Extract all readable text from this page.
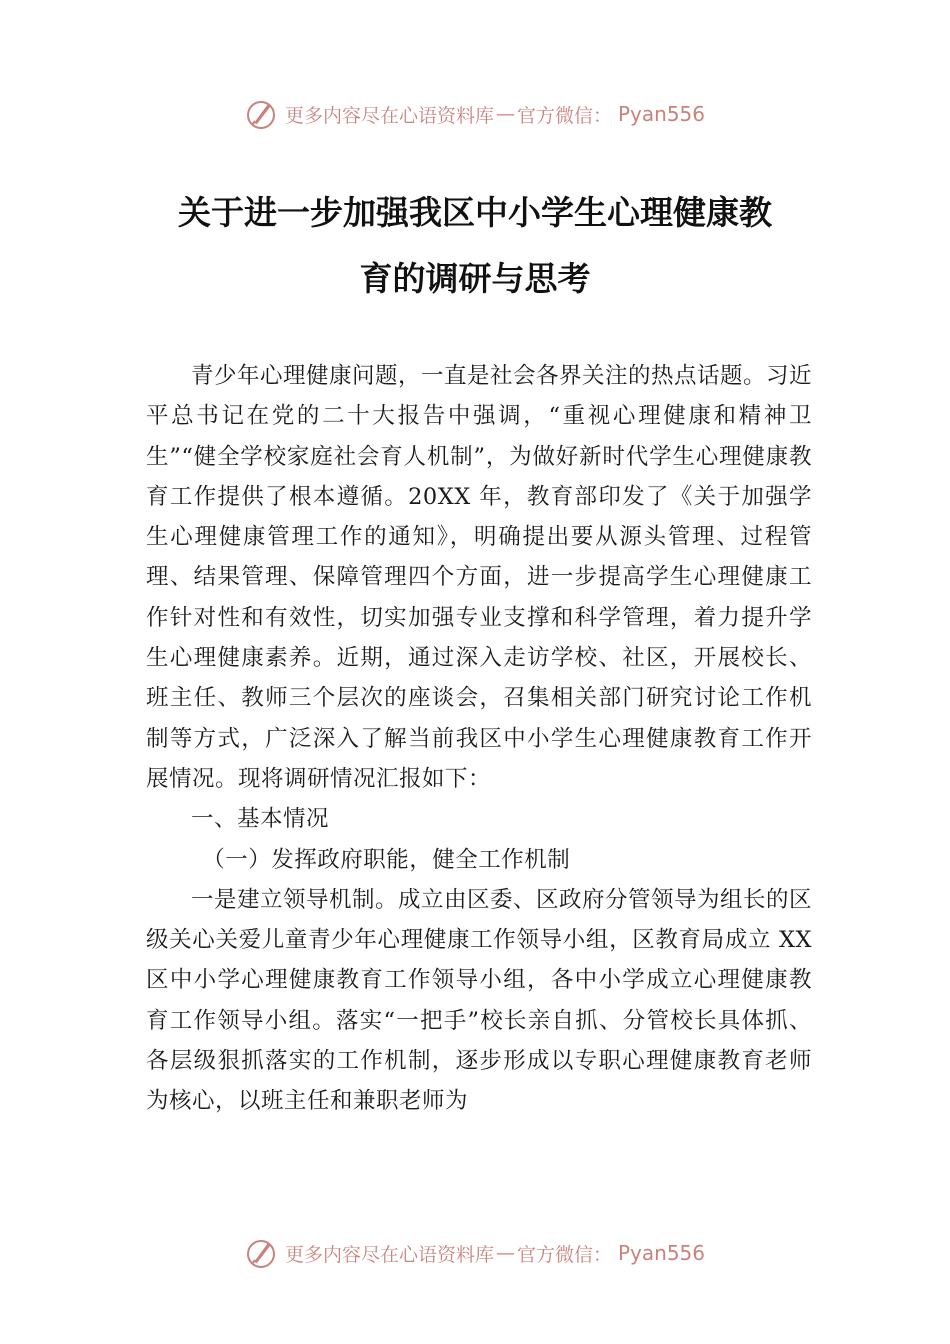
更多内容尽在心语资料库 — 官方微信： Pyan556
关于进一步加强我区中小学生心理健康教
育的调研与思考

青少年心理健康问题，一直是社会各界关注的热点话题。习近平总书记在党的二十大报告中强调，“重视心理健康和精神卫生”“健全学校家庭社会育人机制”，为做好新时代学生心理健康教育工作提供了根本遵循。20XX 年，教育部印发了《关于加强学生心理健康管理工作的通知》，明确提出要从源头管理、过程管理、结果管理、保障管理四个方面，进一步提高学生心理健康工作针对性和有效性，切实加强专业支撑和科学管理，着力提升学生心理健康素养。近期，通过深入走访学校、社区，开展校长、班主任、教师三个层次的座谈会，召集相关部门研究讨论工作机制等方式，广泛深入了解当前我区中小学生心理健康教育工作开展情况。现将调研情况汇报如下：

一、基本情况

（一）发挥政府职能，健全工作机制

一是建立领导机制。成立由区委、区政府分管领导为组长的区级关心关爱儿童青少年心理健康工作领导小组，区教育局成立 XX 区中小学心理健康教育工作领导小组，各中小学成立心理健康教育工作领导小组。落实“一把手”校长亲自抓、分管校长具体抓、各层级狠抓落实的工作机制，逐步形成以专职心理健康教育老师为核心，以班主任和兼职老师为

更多内容尽在心语资料库 — 官方微信： Pyan556
